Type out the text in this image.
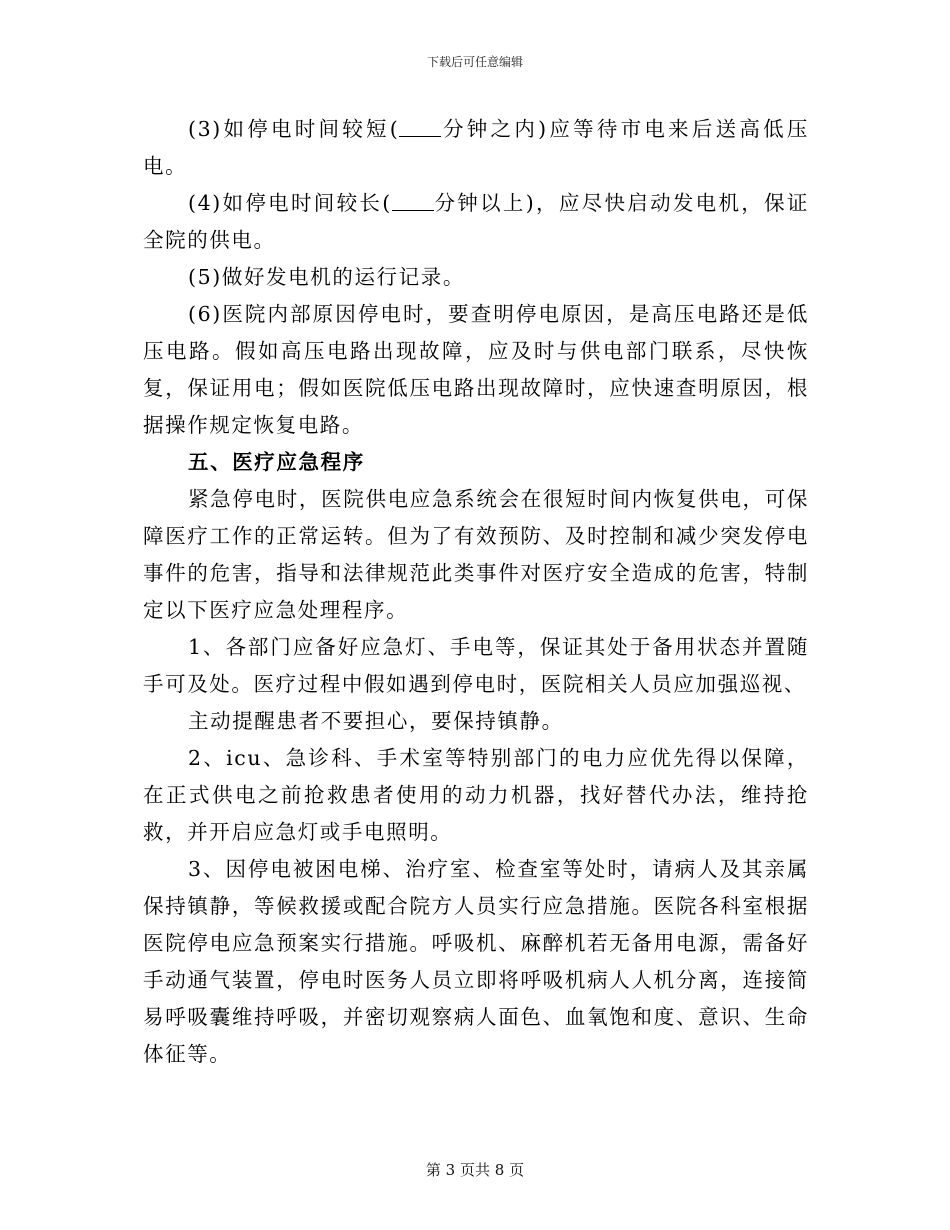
下载后可任意编辑

(3)如停电时间较短( 分钟之内)应等待市电来后送高低压电。

(4)如停电时间较长( 分钟以上)，应尽快启动发电机，保证全院的供电。

(5)做好发电机的运行记录。

(6)医院内部原因停电时，要查明停电原因，是高压电路还是低压电路。假如高压电路出现故障，应及时与供电部门联系，尽快恢复，保证用电；假如医院低压电路出现故障时，应快速查明原因，根据操作规定恢复电路。

五、医疗应急程序

紧急停电时，医院供电应急系统会在很短时间内恢复供电，可保障医疗工作的正常运转。但为了有效预防、及时控制和减少突发停电事件的危害，指导和法律规范此类事件对医疗安全造成的危害，特制定以下医疗应急处理程序。

1、各部门应备好应急灯、手电等，保证其处于备用状态并置随手可及处。医疗过程中假如遇到停电时，医院相关人员应加强巡视、

主动提醒患者不要担心，要保持镇静。

2、icu、急诊科、手术室等特别部门的电力应优先得以保障，在正式供电之前抢救患者使用的动力机器，找好替代办法，维持抢救，并开启应急灯或手电照明。

3、因停电被困电梯、治疗室、检查室等处时，请病人及其亲属保持镇静，等候救援或配合院方人员实行应急措施。医院各科室根据医院停电应急预案实行措施。呼吸机、麻醉机若无备用电源，需备好手动通气装置，停电时医务人员立即将呼吸机病人人机分离，连接简易呼吸囊维持呼吸，并密切观察病人面色、血氧饱和度、意识、生命体征等。

第 3 页共 8 页
